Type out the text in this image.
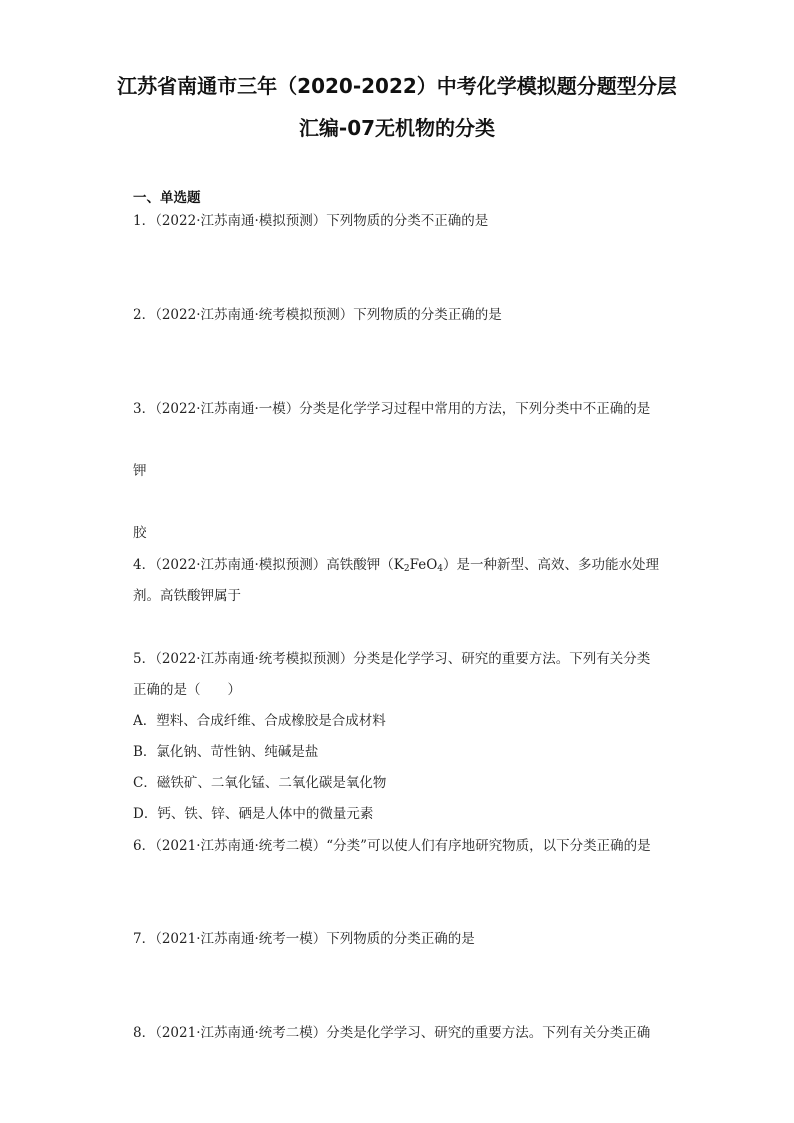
江苏省南通市三年（2020-2022）中考化学模拟题分题型分层
汇编-07无机物的分类
一、单选题
1．（2022·江苏南通·模拟预测）下列物质的分类不正确的是
2．（2022·江苏南通·统考模拟预测）下列物质的分类正确的是
3．（2022·江苏南通·一模）分类是化学学习过程中常用的方法，下列分类中不正确的是
钾
胶
4．（2022·江苏南通·模拟预测）高铁酸钾$(K_2FeO_4)$是一种新型、高效、多功能水处理
剂。高铁酸钾属于
5．（2022·江苏南通·统考模拟预测）分类是化学学习、研究的重要方法。下列有关分类
正确的是（　　）
A．塑料、合成纤维、合成橡胶是合成材料
B．氯化钠、苛性钠、纯碱是盐
C．磁铁矿、二氧化锰、二氧化碳是氧化物
D．钙、铁、锌、硒是人体中的微量元素
6．（2021·江苏南通·统考二模）“分类”可以使人们有序地研究物质，以下分类正确的是
7．（2021·江苏南通·统考一模）下列物质的分类正确的是
8．（2021·江苏南通·统考二模）分类是化学学习、研究的重要方法。下列有关分类正确
